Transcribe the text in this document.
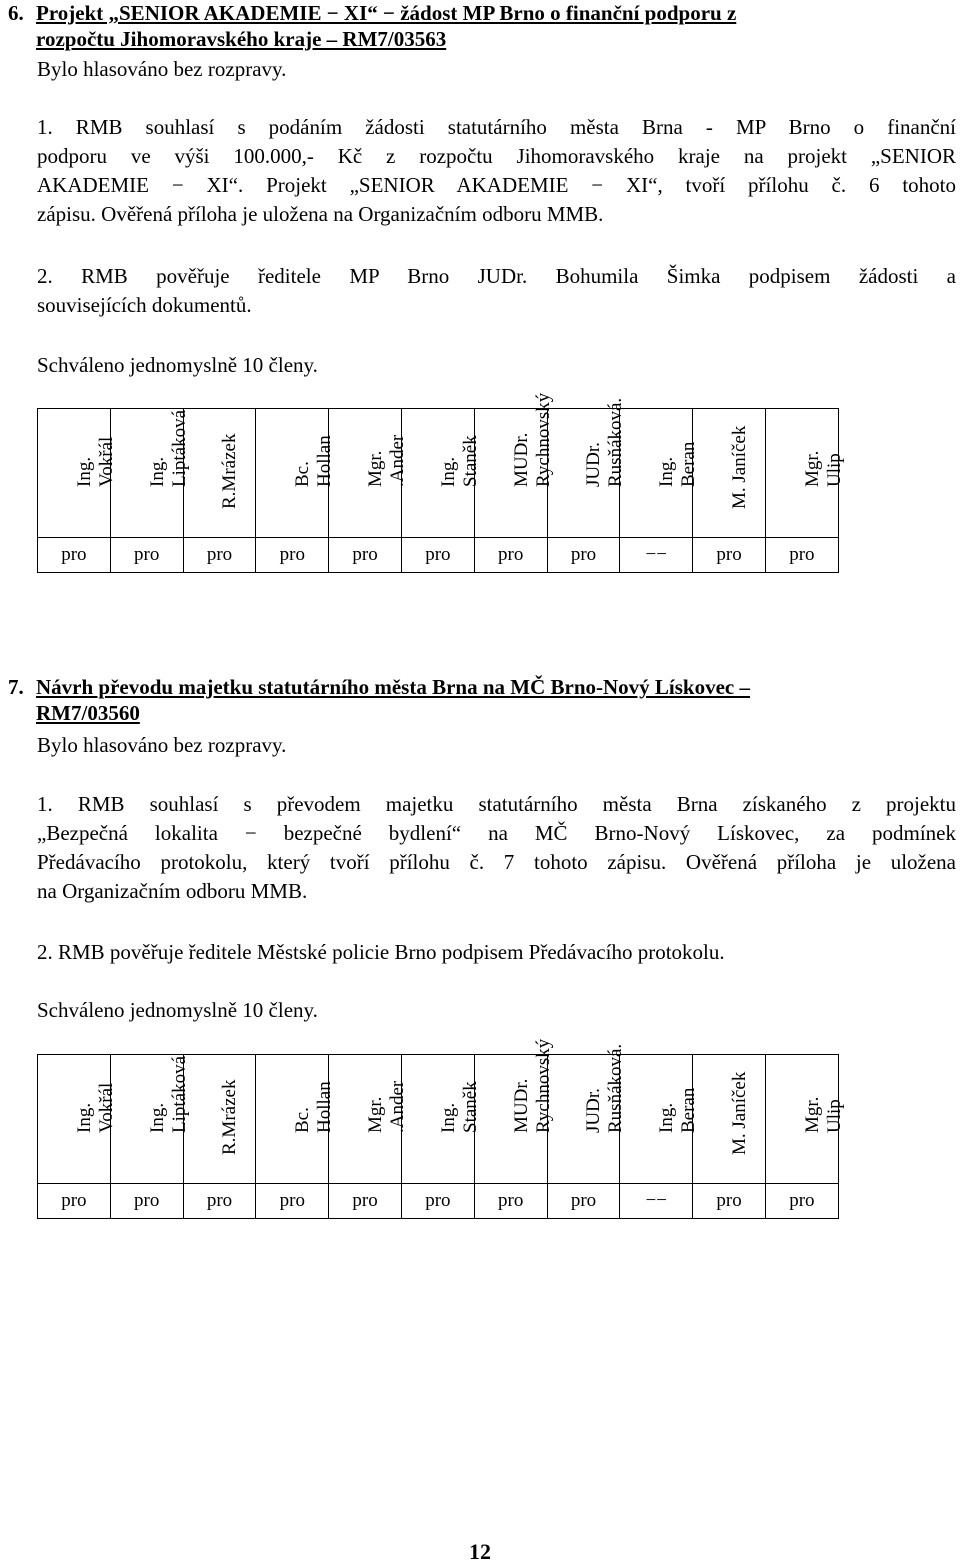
6. Projekt „SENIOR AKADEMIE − XI“ − žádost MP Brno o finanční podporu z
rozpočtu Jihomoravského kraje – RM7/03563
Bylo hlasováno bez rozpravy.
1. RMB souhlasí s podáním žádosti statutárního města Brna - MP Brno o finanční
podporu ve výši 100.000,- Kč z rozpočtu Jihomoravského kraje na projekt „SENIOR
AKADEMIE − XI“. Projekt „SENIOR AKADEMIE − XI“, tvoří přílohu č. 6 tohoto
zápisu. Ověřená příloha je uložena na Organizačním odboru MMB.
2. RMB pověřuje ředitele MP Brno JUDr. Bohumila Šimka podpisem žádosti a
souvisejících dokumentů.
Schváleno jednomyslně 10 členy.
Ing. Vokřál	Ing. Liptáková	R.Mrázek	Bc. Hollan	Mgr. .Ander	Ing. Staněk	MUDr. Rychnovský	JUDr. Rusňáková.	Ing. Beran	M. Janíček	Mgr. Ulip

pro	pro	pro	pro	pro	pro	pro	pro	−−	pro	pro
7. Návrh převodu majetku statutárního města Brna na MČ Brno-Nový Lískovec –
RM7/03560
Bylo hlasováno bez rozpravy.
1. RMB souhlasí s převodem majetku statutárního města Brna získaného z projektu
„Bezpečná lokalita − bezpečné bydlení“ na MČ Brno-Nový Lískovec, za podmínek
Předávacího protokolu, který tvoří přílohu č. 7 tohoto zápisu. Ověřená příloha je uložena
na Organizačním odboru MMB.
2. RMB pověřuje ředitele Městské policie Brno podpisem Předávacího protokolu.
Schváleno jednomyslně 10 členy.
Ing. Vokřál	Ing. Liptáková	R.Mrázek	Bc. Hollan	Mgr. .Ander	Ing. Staněk	MUDr. Rychnovský	JUDr. Rusňáková.	Ing. Beran	M. Janíček	Mgr. Ulip

pro	pro	pro	pro	pro	pro	pro	pro	−−	pro	pro
12
